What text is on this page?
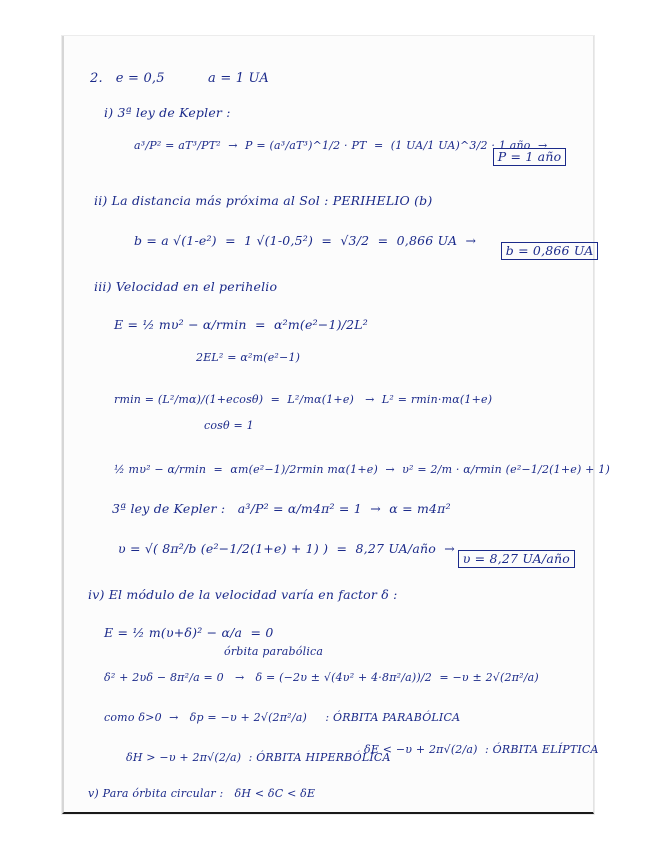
2.   e = 0,5          a = 1 UA
i) 3ª ley de Kepler :
a³/P² = aT³/PT²  →  P = (a³/aT³)^1/2 · PT  =  (1 UA/1 UA)^3/2 · 1 año  →

P = 1 año

ii) La distancia más próxima al Sol : PERIHELIO (b)
b = a √(1-e²)  =  1 √(1-0,5²)  =  √3/2  =  0,866 UA  →

b = 0,866 UA

iii) Velocidad en el perihelio
E = ½ mυ² − α/rmin  =  α²m(e²−1)/2L²
2EL² = α²m(e²−1)
rmin = (L²/mα)/(1+ecosθ)  =  L²/mα(1+e)   →  L² = rmin·mα(1+e)
cosθ = 1
½ mυ² − α/rmin  =  αm(e²−1)/2rmin mα(1+e)  →  υ² = 2/m · α/rmin (e²−1/2(1+e) + 1)
3ª ley de Kepler :   a³/P² = α/m4π² = 1  →  α = m4π²
υ = √( 8π²/b (e²−1/2(1+e) + 1) )  =  8,27 UA/año  →

υ = 8,27 UA/año

iv) El módulo de la velocidad varía en factor δ :
E = ½ m(υ+δ)² − α/a  = 0
órbita parabólica
δ² + 2υδ − 8π²/a = 0   →   δ = (−2υ ± √(4υ² + 4·8π²/a))/2  = −υ ± 2√(2π²/a)
como δ>0  →   δp = −υ + 2√(2π²/a)     : ÓRBITA PARABÓLICA
δH > −υ + 2π√(2/a)  : ÓRBITA HIPERBÓLICA
δE < −υ + 2π√(2/a)  : ÓRBITA ELÍPTICA
v) Para órbita circular :   δH < δC < δE
